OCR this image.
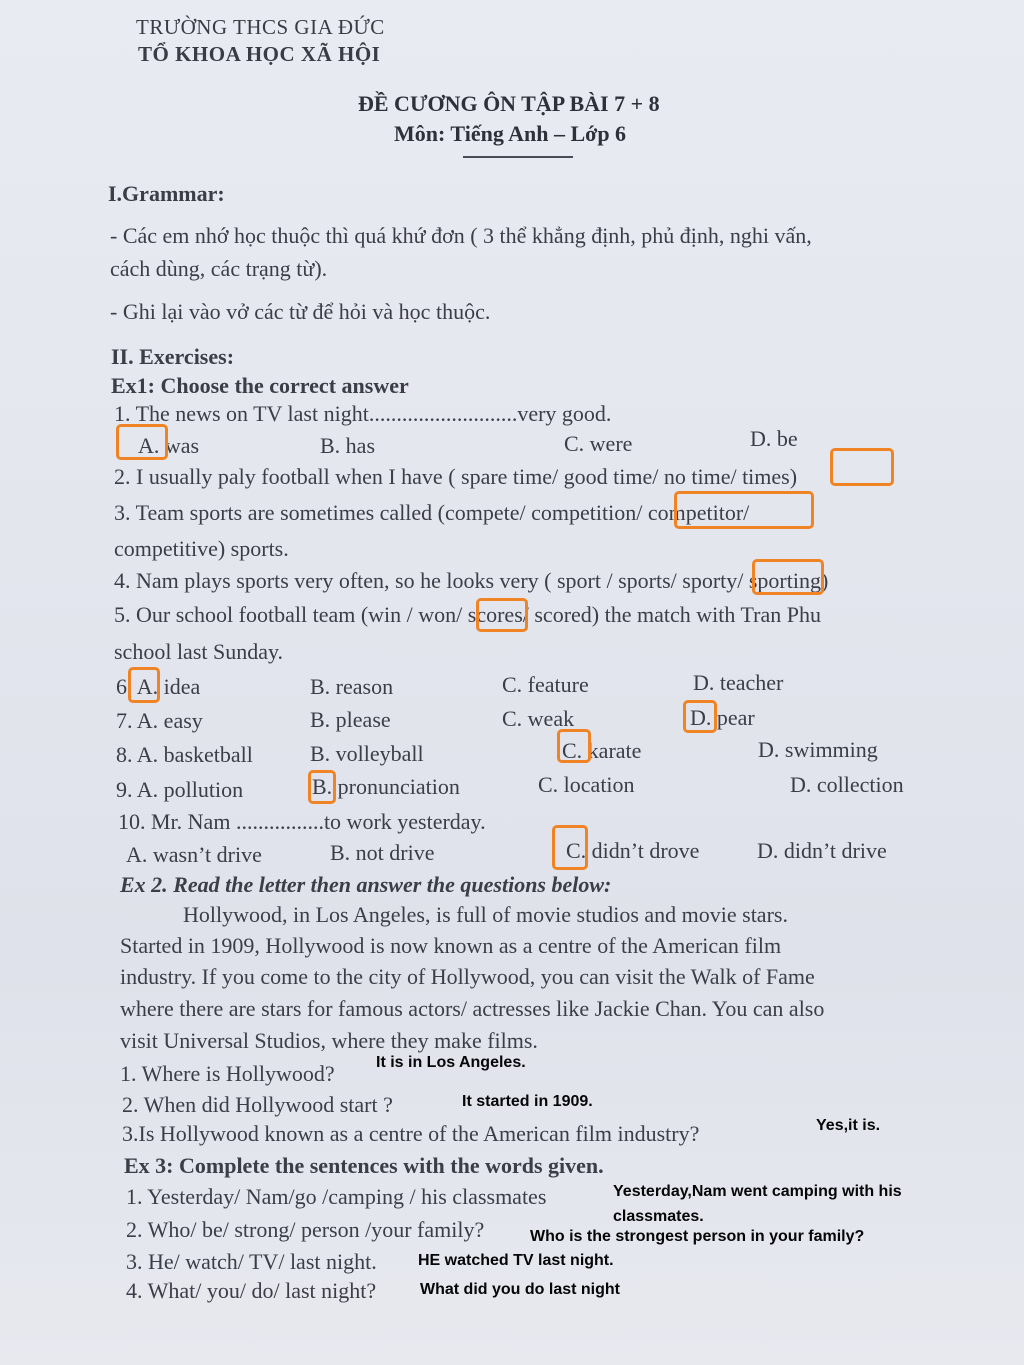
TRƯỜNG THCS GIA ĐỨC
TỔ KHOA HỌC XÃ HỘI
ĐỀ CƯƠNG ÔN TẬP BÀI 7 + 8
Môn: Tiếng Anh – Lớp 6
I.Grammar:
- Các em nhớ học thuộc thì quá khứ đơn ( 3 thể khẳng định, phủ định, nghi vấn,
cách dùng, các trạng từ).
- Ghi lại vào vở các từ để hỏi và học thuộc.
II. Exercises:
Ex1: Choose the correct answer
1. The news on TV last night...........................very good.
A. was	B. has	C. were	D. be
2. I usually paly football when I have ( spare time/ good time/ no time/ times)
3. Team sports are sometimes called (compete/ competition/ competitor/
competitive) sports.
4. Nam plays sports very often, so he looks very ( sport / sports/ sporty/ sporting)
5. Our school football team (win / won/ scores/ scored) the match with Tran Phu
school last Sunday.
6. A. idea	B. reason	C. feature	D. teacher
7. A. easy	B. please	C. weak	D. pear
8. A. basketball	B. volleyball	C. karate	D. swimming
9. A. pollution	B. pronunciation	C. location	D. collection
10. Mr. Nam ................to work yesterday.
A. wasn’t drive	B. not drive	C. didn’t drove	D. didn’t drive
Ex 2. Read the letter then answer the questions below:
Hollywood, in Los Angeles, is full of movie studios and movie stars.
Started in 1909, Hollywood is now known as a centre of the American film
industry. If you come to the city of Hollywood, you can visit the Walk of Fame
where there are stars for famous actors/ actresses like Jackie Chan. You can also
visit Universal Studios, where they make films.
1. Where is Hollywood?	It is in Los Angeles.
2. When did Hollywood start ?	It started in 1909.
3.Is Hollywood known as a centre of the American film industry?	Yes,it is.
Ex 3: Complete the sentences with the words given.
1. Yesterday/ Nam/go /camping / his classmates	Yesterday,Nam went camping with his
classmates.
2. Who/ be/ strong/ person /your family?	Who is the strongest person in your family?
3. He/ watch/ TV/ last night.	HE watched TV last night.
4. What/ you/ do/ last night?	What did you do last night
